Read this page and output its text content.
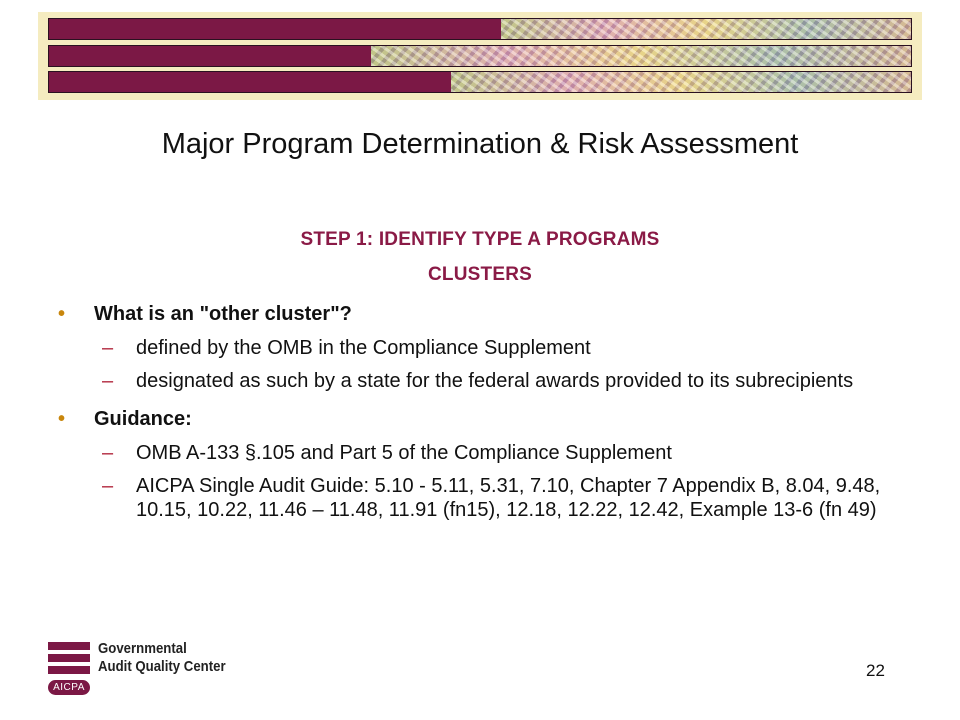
Major Program Determination & Risk Assessment
STEP 1: IDENTIFY TYPE A PROGRAMS
CLUSTERS
• What is an "other cluster"?
– defined by the OMB in the Compliance Supplement
– designated as such by a state for the federal awards provided to its subrecipients
• Guidance:
– OMB A-133 §.105 and Part 5 of the Compliance Supplement
– AICPA Single Audit Guide: 5.10 - 5.11, 5.31, 7.10, Chapter 7 Appendix B, 8.04, 9.48, 10.15, 10.22, 11.46 – 11.48, 11.91 (fn15), 12.18, 12.22, 12.42, Example 13-6 (fn 49)
AICPA
Governmental
Audit Quality Center	22
